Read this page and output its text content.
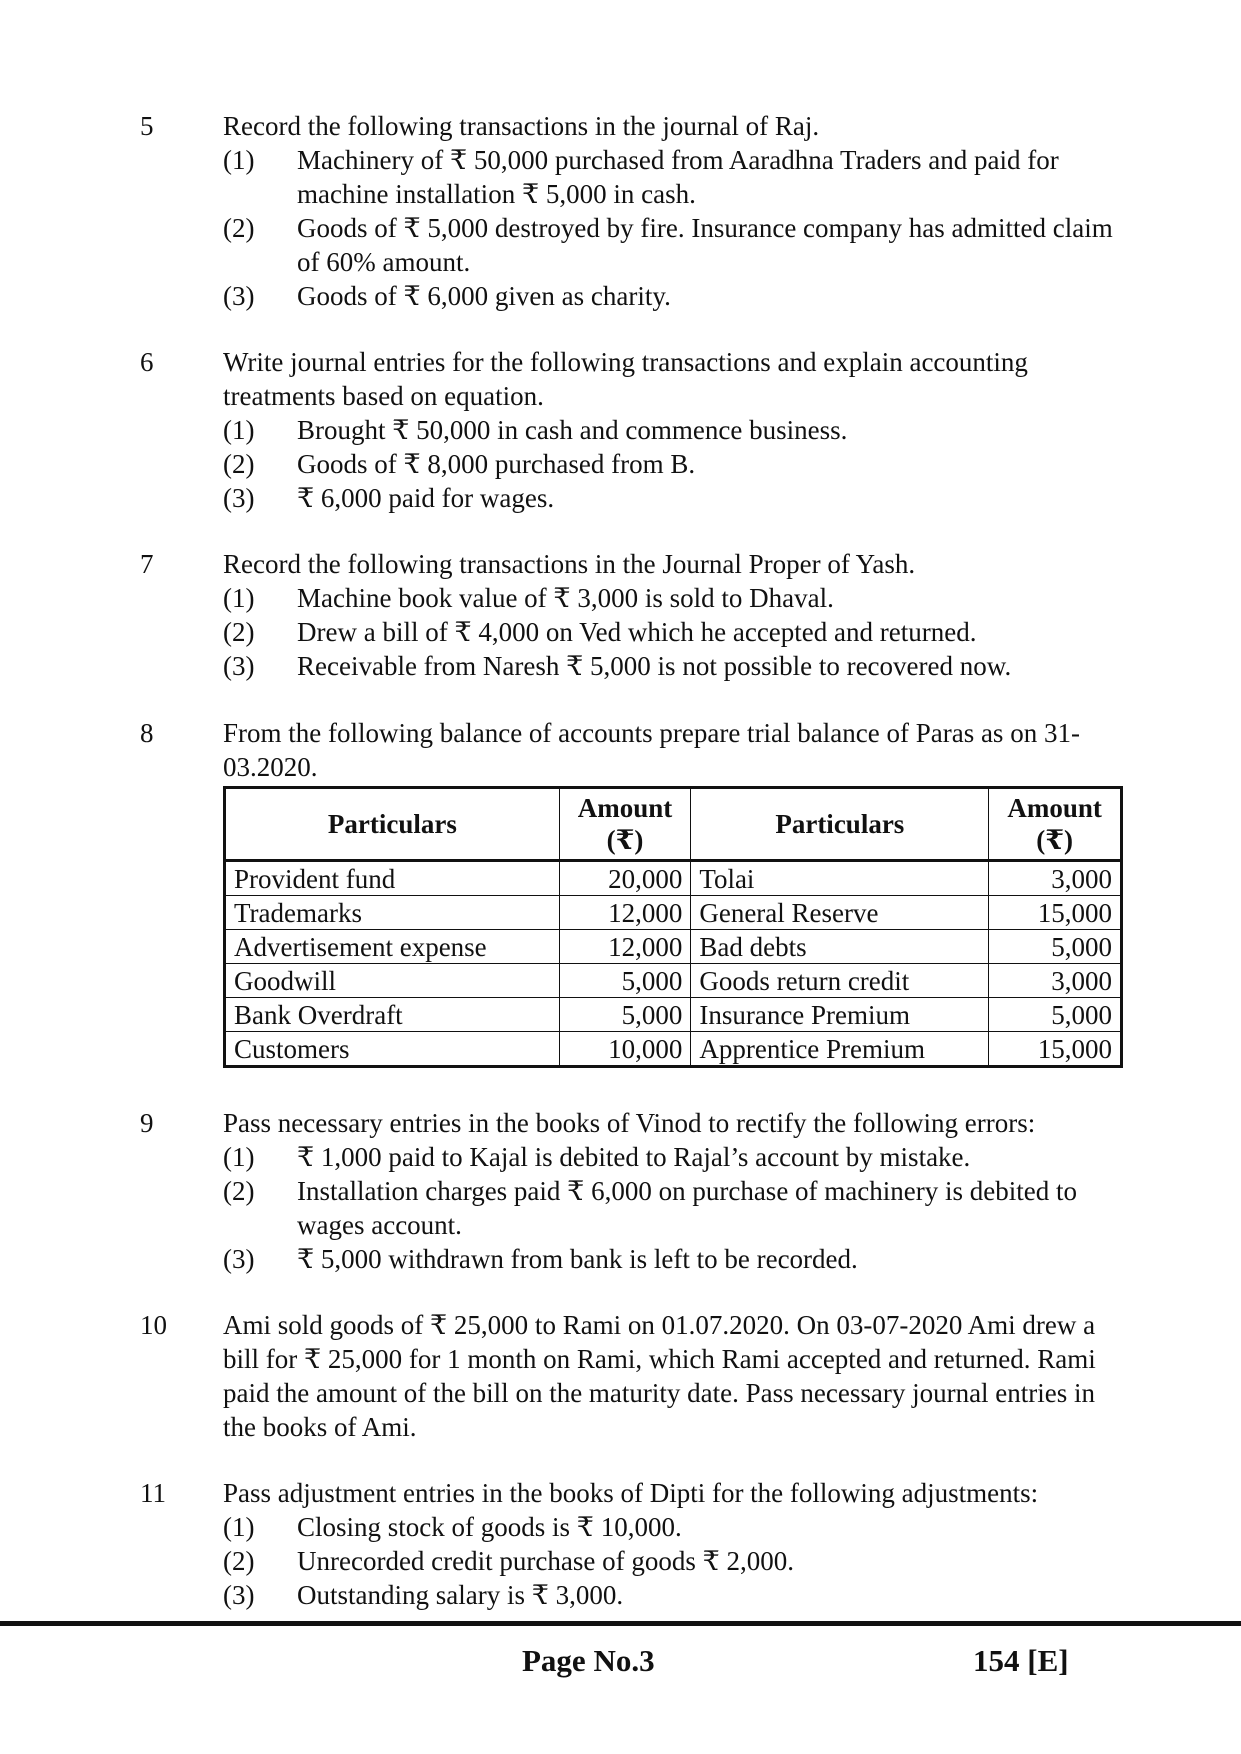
5	Record the following transactions in the journal of Raj.
(1)	Machinery of ₹ 50,000 purchased from Aaradhna Traders and paid for machine installation ₹ 5,000 in cash.
(2)	Goods of ₹ 5,000 destroyed by fire. Insurance company has admitted claim of 60% amount.
(3)	Goods of ₹ 6,000 given as charity.
6	Write journal entries for the following transactions and explain accounting treatments based on equation.
(1)	Brought ₹ 50,000 in cash and commence business.
(2)	Goods of ₹ 8,000 purchased from B.
(3)	₹ 6,000 paid for wages.
7	Record the following transactions in the Journal Proper of Yash.
(1)	Machine book value of ₹ 3,000 is sold to Dhaval.
(2)	Drew a bill of ₹ 4,000 on Ved which he accepted and returned.
(3)	Receivable from Naresh ₹ 5,000 is not possible to recovered now.
8	From the following balance of accounts prepare trial balance of Paras as on 31-03.2020.
Particulars	Amount (₹)	Particulars	Amount (₹)
Provident fund	20,000	Tolai	3,000
Trademarks	12,000	General Reserve	15,000
Advertisement expense	12,000	Bad debts	5,000
Goodwill	5,000	Goods return credit	3,000
Bank Overdraft	5,000	Insurance Premium	5,000
Customers	10,000	Apprentice Premium	15,000
9	Pass necessary entries in the books of Vinod to rectify the following errors:
(1)	₹ 1,000 paid to Kajal is debited to Rajal’s account by mistake.
(2)	Installation charges paid ₹ 6,000 on purchase of machinery is debited to wages account.
(3)	₹ 5,000 withdrawn from bank is left to be recorded.
10	Ami sold goods of ₹ 25,000 to Rami on 01.07.2020. On 03-07-2020 Ami drew a bill for ₹ 25,000 for 1 month on Rami, which Rami accepted and returned. Rami paid the amount of the bill on the maturity date. Pass necessary journal entries in the books of Ami.
11	Pass adjustment entries in the books of Dipti for the following adjustments:
(1)	Closing stock of goods is ₹ 10,000.
(2)	Unrecorded credit purchase of goods ₹ 2,000.
(3)	Outstanding salary is ₹ 3,000.
Page No.3	154 [E]
